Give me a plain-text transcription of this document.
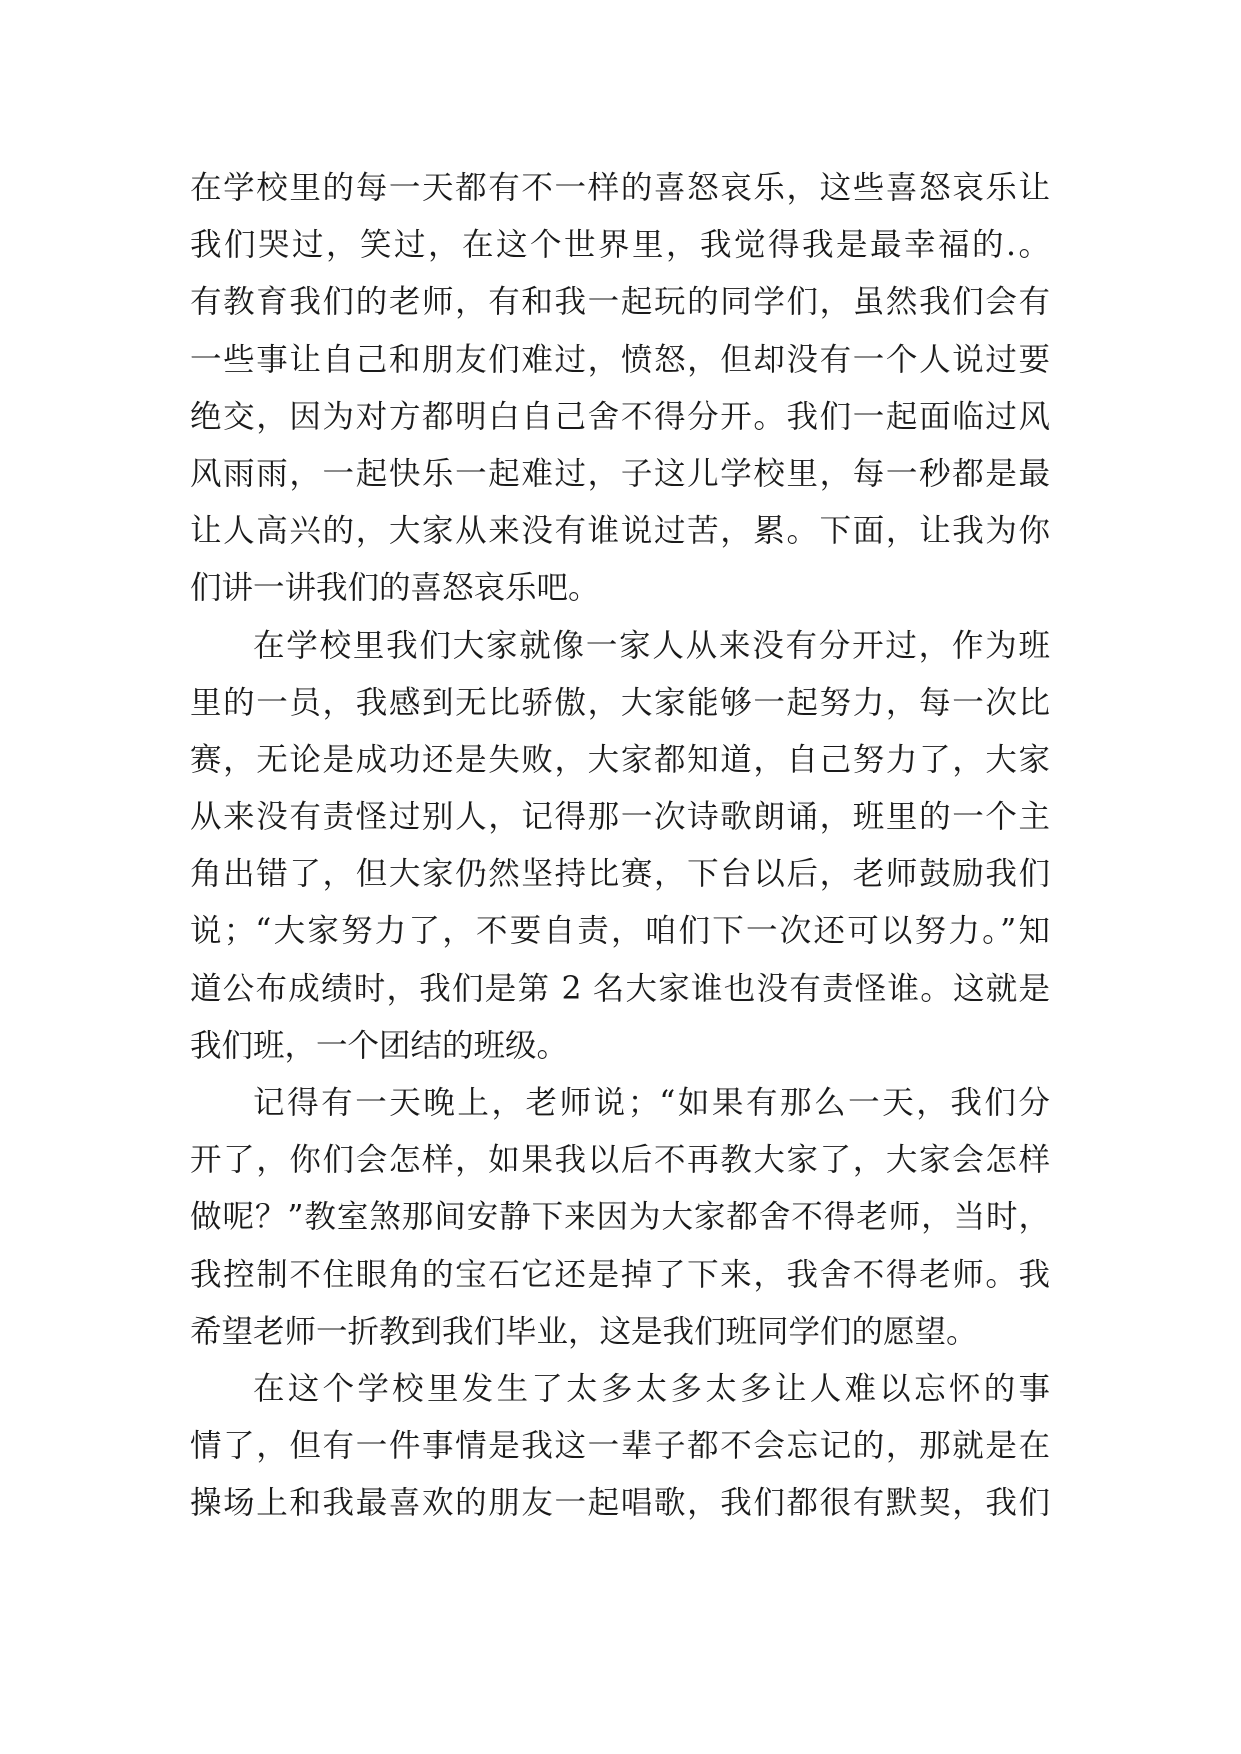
在学校里的每一天都有不一样的喜怒哀乐，这些喜怒哀乐让
我们哭过，笑过，在这个世界里，我觉得我是最幸福的.。
有教育我们的老师，有和我一起玩的同学们，虽然我们会有
一些事让自己和朋友们难过，愤怒，但却没有一个人说过要
绝交，因为对方都明白自己舍不得分开。我们一起面临过风
风雨雨，一起快乐一起难过，子这儿学校里，每一秒都是最
让人高兴的，大家从来没有谁说过苦，累。下面，让我为你
们讲一讲我们的喜怒哀乐吧。
在学校里我们大家就像一家人从来没有分开过，作为班
里的一员，我感到无比骄傲，大家能够一起努力，每一次比
赛，无论是成功还是失败，大家都知道，自己努力了，大家
从来没有责怪过别人，记得那一次诗歌朗诵，班里的一个主
角出错了，但大家仍然坚持比赛，下台以后，老师鼓励我们
说；“大家努力了，不要自责，咱们下一次还可以努力。”知
道公布成绩时，我们是第 2 名大家谁也没有责怪谁。这就是
我们班，一个团结的班级。
记得有一天晚上，老师说；“如果有那么一天，我们分
开了，你们会怎样，如果我以后不再教大家了，大家会怎样
做呢？”教室煞那间安静下来因为大家都舍不得老师，当时，
我控制不住眼角的宝石它还是掉了下来，我舍不得老师。我
希望老师一折教到我们毕业，这是我们班同学们的愿望。
在这个学校里发生了太多太多太多让人难以忘怀的事
情了，但有一件事情是我这一辈子都不会忘记的，那就是在
操场上和我最喜欢的朋友一起唱歌，我们都很有默契，我们
